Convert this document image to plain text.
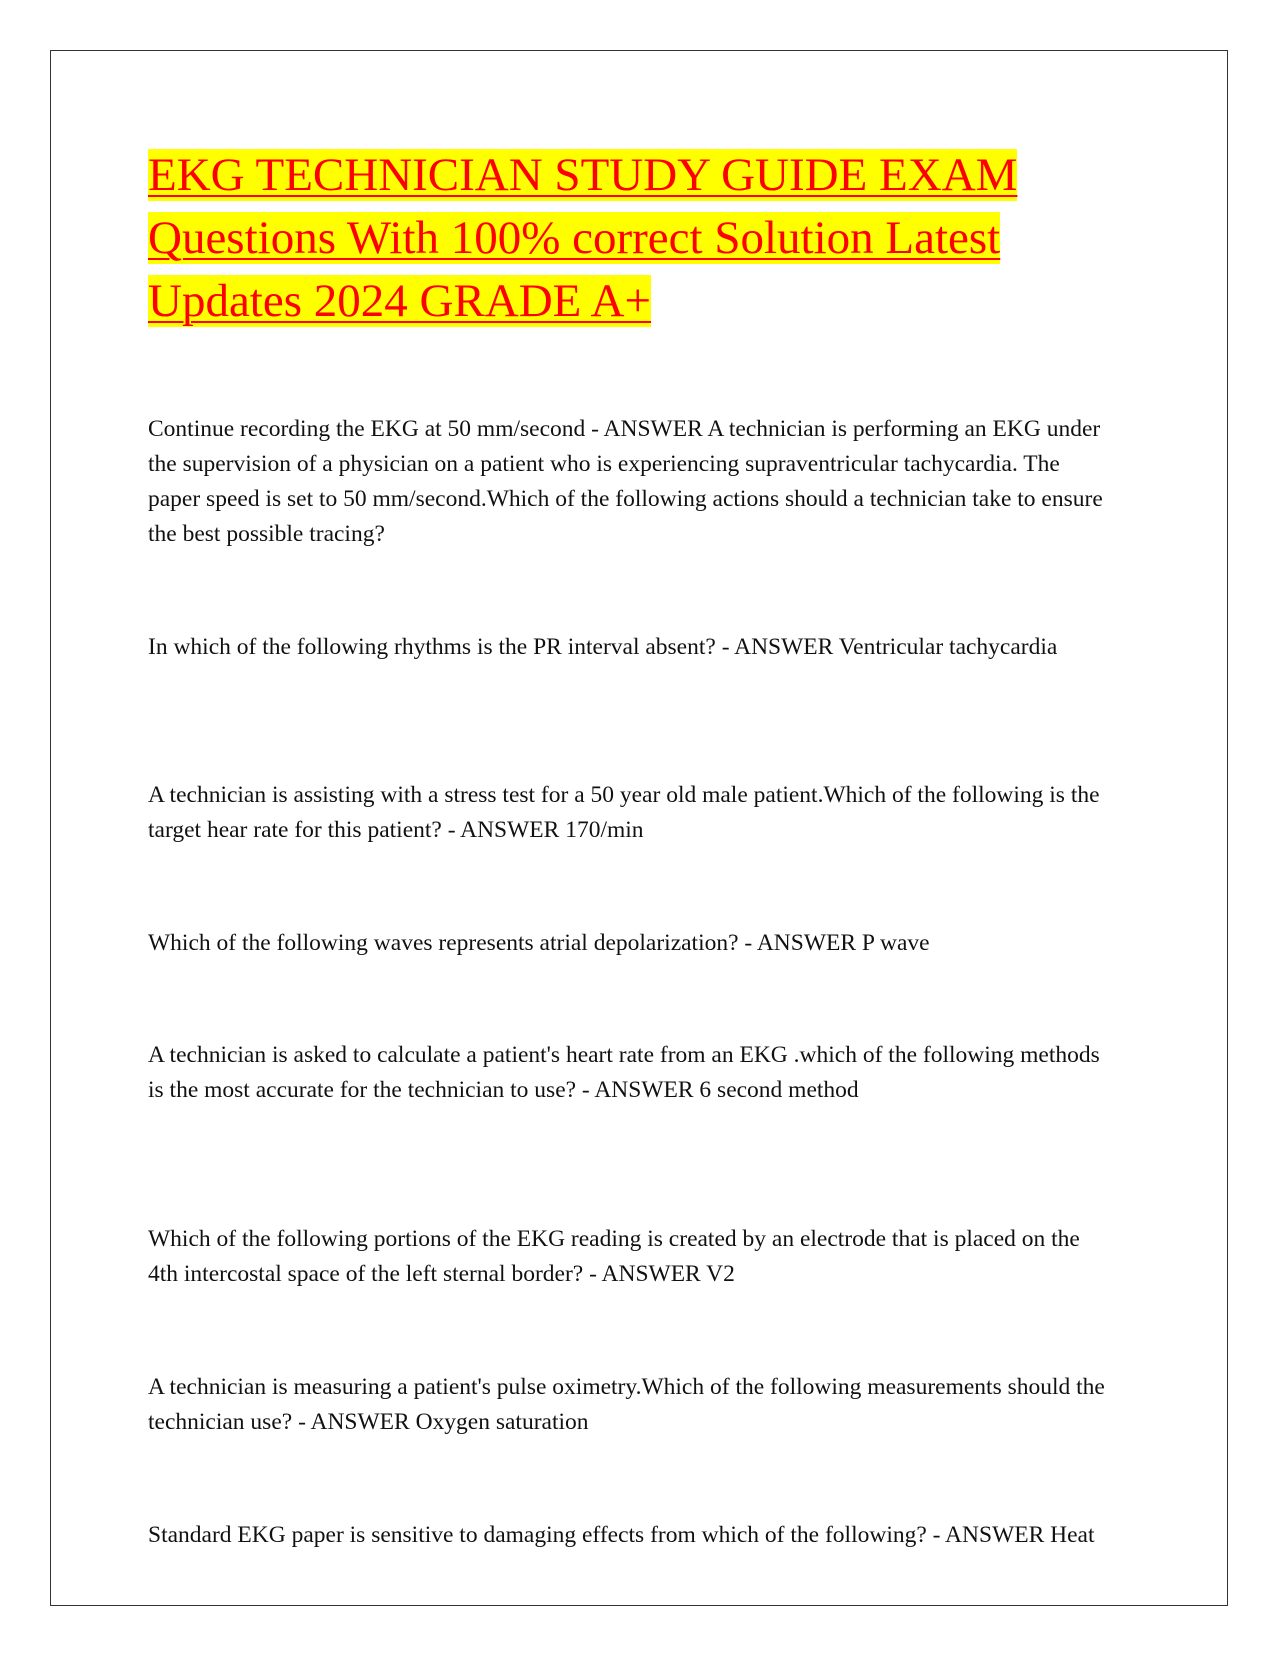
EKG TECHNICIAN STUDY GUIDE EXAM
Questions With 100% correct Solution Latest
Updates 2024 GRADE A+

Continue recording the EKG at 50 mm/second - ANSWER A technician is performing an EKG under the supervision of a physician on a patient who is experiencing supraventricular tachycardia. The paper speed is set to 50 mm/second.Which of the following actions should a technician take to ensure the best possible tracing?

In which of the following rhythms is the PR interval absent? - ANSWER Ventricular tachycardia

A technician is assisting with a stress test for a 50 year old male patient.Which of the following is the target hear rate for this patient? - ANSWER 170/min

Which of the following waves represents atrial depolarization? - ANSWER P wave

A technician is asked to calculate a patient's heart rate from an EKG .which of the following methods is the most accurate for the technician to use? - ANSWER 6 second method

Which of the following portions of the EKG reading is created by an electrode that is placed on the 4th intercostal space of the left sternal border? - ANSWER V2

A technician is measuring a patient's pulse oximetry.Which of the following measurements should the technician use? - ANSWER Oxygen saturation

Standard EKG paper is sensitive to damaging effects from which of the following? - ANSWER Heat
